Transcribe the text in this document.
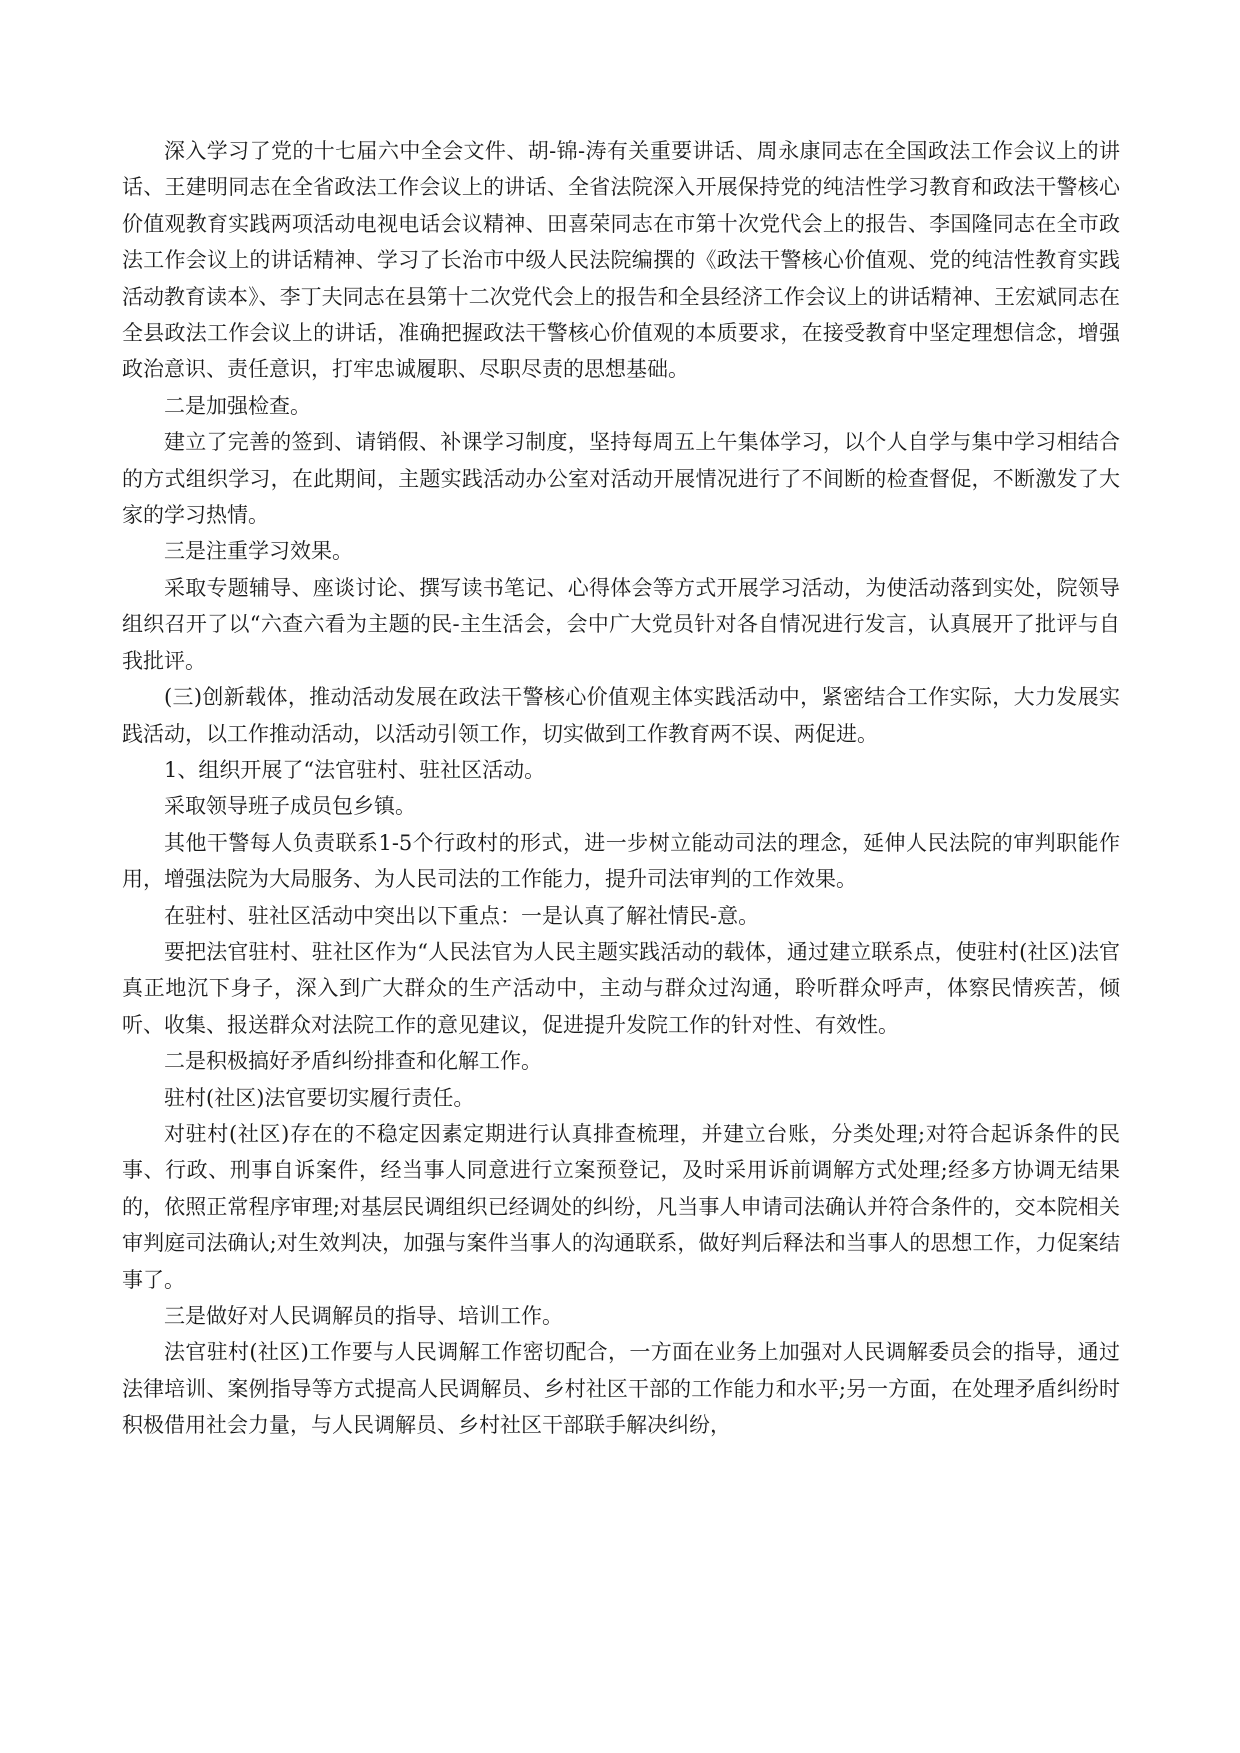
深入学习了党的十七届六中全会文件、胡-锦-涛有关重要讲话、周永康同志在全国政法工作会议上的讲话、王建明同志在全省政法工作会议上的讲话、全省法院深入开展保持党的纯洁性学习教育和政法干警核心价值观教育实践两项活动电视电话会议精神、田喜荣同志在市第十次党代会上的报告、李国隆同志在全市政法工作会议上的讲话精神、学习了长治市中级人民法院编撰的《政法干警核心价值观、党的纯洁性教育实践活动教育读本》、李丁夫同志在县第十二次党代会上的报告和全县经济工作会议上的讲话精神、王宏斌同志在全县政法工作会议上的讲话，准确把握政法干警核心价值观的本质要求，在接受教育中坚定理想信念，增强政治意识、责任意识，打牢忠诚履职、尽职尽责的思想基础。

二是加强检查。

建立了完善的签到、请销假、补课学习制度，坚持每周五上午集体学习，以个人自学与集中学习相结合的方式组织学习，在此期间，主题实践活动办公室对活动开展情况进行了不间断的检查督促，不断激发了大家的学习热情。

三是注重学习效果。

采取专题辅导、座谈讨论、撰写读书笔记、心得体会等方式开展学习活动，为使活动落到实处，院领导组织召开了以“六查六看为主题的民-主生活会，会中广大党员针对各自情况进行发言，认真展开了批评与自我批评。

(三)创新载体，推动活动发展在政法干警核心价值观主体实践活动中，紧密结合工作实际，大力发展实践活动，以工作推动活动，以活动引领工作，切实做到工作教育两不误、两促进。

1、组织开展了“法官驻村、驻社区活动。

采取领导班子成员包乡镇。

其他干警每人负责联系1-5个行政村的形式，进一步树立能动司法的理念，延伸人民法院的审判职能作用，增强法院为大局服务、为人民司法的工作能力，提升司法审判的工作效果。

在驻村、驻社区活动中突出以下重点：一是认真了解社情民-意。

要把法官驻村、驻社区作为“人民法官为人民主题实践活动的载体，通过建立联系点，使驻村(社区)法官真正地沉下身子，深入到广大群众的生产活动中，主动与群众过沟通，聆听群众呼声，体察民情疾苦，倾听、收集、报送群众对法院工作的意见建议，促进提升发院工作的针对性、有效性。

二是积极搞好矛盾纠纷排查和化解工作。

驻村(社区)法官要切实履行责任。

对驻村(社区)存在的不稳定因素定期进行认真排查梳理，并建立台账，分类处理;对符合起诉条件的民事、行政、刑事自诉案件，经当事人同意进行立案预登记，及时采用诉前调解方式处理;经多方协调无结果的，依照正常程序审理;对基层民调组织已经调处的纠纷，凡当事人申请司法确认并符合条件的，交本院相关审判庭司法确认;对生效判决，加强与案件当事人的沟通联系，做好判后释法和当事人的思想工作，力促案结事了。

三是做好对人民调解员的指导、培训工作。

法官驻村(社区)工作要与人民调解工作密切配合，一方面在业务上加强对人民调解委员会的指导，通过法律培训、案例指导等方式提高人民调解员、乡村社区干部的工作能力和水平;另一方面，在处理矛盾纠纷时积极借用社会力量，与人民调解员、乡村社区干部联手解决纠纷，
